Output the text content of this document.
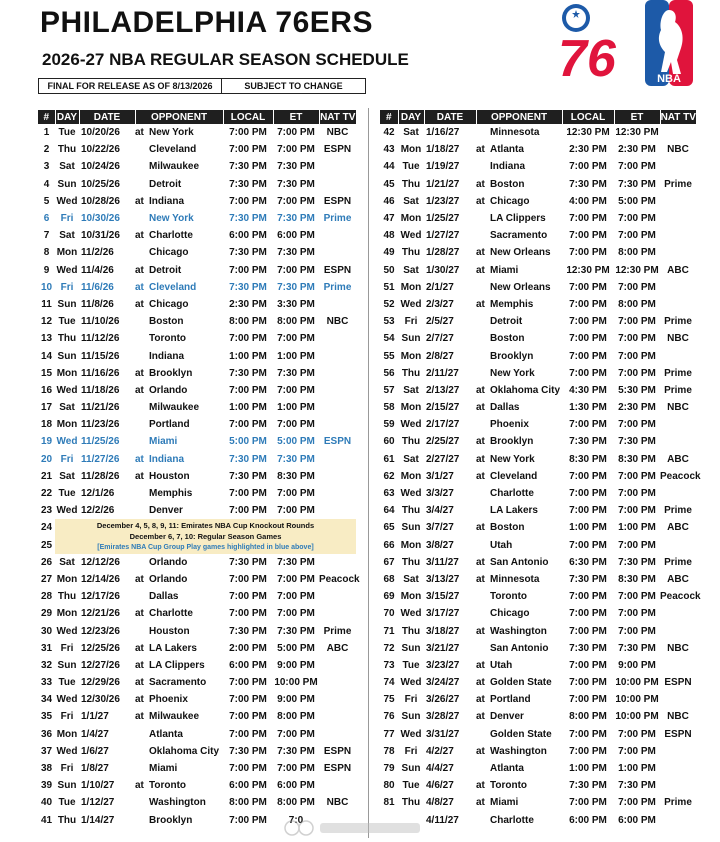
PHILADELPHIA 76ERS
2026-27 NBA REGULAR SEASON SCHEDULE
FINAL FOR RELEASE AS OF 8/13/2026	SUBJECT TO CHANGE	76	NBA
#	DAY	DATE	OPPONENT	LOCAL	ET	NAT TV
1	Tue	10/20/26	at New York	7:00 PM	7:00 PM	NBC
2	Thu	10/22/26	Cleveland	7:00 PM	7:00 PM	ESPN
3	Sat	10/24/26	Milwaukee	7:30 PM	7:30 PM	
4	Sun	10/25/26	Detroit	7:30 PM	7:30 PM	
5	Wed	10/28/26	at Indiana	7:00 PM	7:00 PM	ESPN
6	Fri	10/30/26	New York	7:30 PM	7:30 PM	Prime
7	Sat	10/31/26	at Charlotte	6:00 PM	6:00 PM	
8	Mon	11/2/26	Chicago	7:30 PM	7:30 PM	
9	Wed	11/4/26	at Detroit	7:00 PM	7:00 PM	ESPN
10	Fri	11/6/26	at Cleveland	7:30 PM	7:30 PM	Prime
11	Sun	11/8/26	at Chicago	2:30 PM	3:30 PM	
12	Tue	11/10/26	Boston	8:00 PM	8:00 PM	NBC
13	Thu	11/12/26	Toronto	7:00 PM	7:00 PM	
14	Sun	11/15/26	Indiana	1:00 PM	1:00 PM	
15	Mon	11/16/26	at Brooklyn	7:30 PM	7:30 PM	
16	Wed	11/18/26	at Orlando	7:00 PM	7:00 PM	
17	Sat	11/21/26	Milwaukee	1:00 PM	1:00 PM	
18	Mon	11/23/26	Portland	7:00 PM	7:00 PM	
19	Wed	11/25/26	Miami	5:00 PM	5:00 PM	ESPN
20	Fri	11/27/26	at Indiana	7:30 PM	7:30 PM	
21	Sat	11/28/26	at Houston	7:30 PM	8:30 PM	
22	Tue	12/1/26	Memphis	7:00 PM	7:00 PM	
23	Wed	12/2/26	Denver	7:00 PM	7:00 PM	
24	December 4, 5, 8, 9, 11: Emirates NBA Cup Knockout Rounds
December 6, 7, 10: Regular Season Games
[Emirates NBA Cup Group Play games highlighted in blue above]					

25						
26	Sat	12/12/26	Orlando	7:30 PM	7:30 PM	
27	Mon	12/14/26	at Orlando	7:00 PM	7:00 PM	Peacock
28	Thu	12/17/26	Dallas	7:00 PM	7:00 PM	
29	Mon	12/21/26	at Charlotte	7:00 PM	7:00 PM	
30	Wed	12/23/26	Houston	7:30 PM	7:30 PM	Prime
31	Fri	12/25/26	at LA Lakers	2:00 PM	5:00 PM	ABC
32	Sun	12/27/26	at LA Clippers	6:00 PM	9:00 PM	
33	Tue	12/29/26	at Sacramento	7:00 PM	10:00 PM	
34	Wed	12/30/26	at Phoenix	7:00 PM	9:00 PM	
35	Fri	1/1/27	at Milwaukee	7:00 PM	8:00 PM	
36	Mon	1/4/27	Atlanta	7:00 PM	7:00 PM	
37	Wed	1/6/27	Oklahoma City	7:30 PM	7:30 PM	ESPN
38	Fri	1/8/27	Miami	7:00 PM	7:00 PM	ESPN
39	Sun	1/10/27	at Toronto	6:00 PM	6:00 PM	
40	Tue	1/12/27	Washington	8:00 PM	8:00 PM	NBC
41	Thu	1/14/27	Brooklyn	7:00 PM	7:0	
#	DAY	DATE	OPPONENT	LOCAL	ET	NAT TV
42	Sat	1/16/27	Minnesota	12:30 PM	12:30 PM	
43	Mon	1/18/27	at Atlanta	2:30 PM	2:30 PM	NBC
44	Tue	1/19/27	Indiana	7:00 PM	7:00 PM	
45	Thu	1/21/27	at Boston	7:30 PM	7:30 PM	Prime
46	Sat	1/23/27	at Chicago	4:00 PM	5:00 PM	
47	Mon	1/25/27	LA Clippers	7:00 PM	7:00 PM	
48	Wed	1/27/27	Sacramento	7:00 PM	7:00 PM	
49	Thu	1/28/27	at New Orleans	7:00 PM	8:00 PM	
50	Sat	1/30/27	at Miami	12:30 PM	12:30 PM	ABC
51	Mon	2/1/27	New Orleans	7:00 PM	7:00 PM	
52	Wed	2/3/27	at Memphis	7:00 PM	8:00 PM	
53	Fri	2/5/27	Detroit	7:00 PM	7:00 PM	Prime
54	Sun	2/7/27	Boston	7:00 PM	7:00 PM	NBC
55	Mon	2/8/27	Brooklyn	7:00 PM	7:00 PM	
56	Thu	2/11/27	New York	7:00 PM	7:00 PM	Prime
57	Sat	2/13/27	at Oklahoma City	4:30 PM	5:30 PM	Prime
58	Mon	2/15/27	at Dallas	1:30 PM	2:30 PM	NBC
59	Wed	2/17/27	Phoenix	7:00 PM	7:00 PM	
60	Thu	2/25/27	at Brooklyn	7:30 PM	7:30 PM	
61	Sat	2/27/27	at New York	8:30 PM	8:30 PM	ABC
62	Mon	3/1/27	at Cleveland	7:00 PM	7:00 PM	Peacock
63	Wed	3/3/27	Charlotte	7:00 PM	7:00 PM	
64	Thu	3/4/27	LA Lakers	7:00 PM	7:00 PM	Prime
65	Sun	3/7/27	at Boston	1:00 PM	1:00 PM	ABC
66	Mon	3/8/27	Utah	7:00 PM	7:00 PM	
67	Thu	3/11/27	at San Antonio	6:30 PM	7:30 PM	Prime
68	Sat	3/13/27	at Minnesota	7:30 PM	8:30 PM	ABC
69	Mon	3/15/27	Toronto	7:00 PM	7:00 PM	Peacock
70	Wed	3/17/27	Chicago	7:00 PM	7:00 PM	
71	Thu	3/18/27	at Washington	7:00 PM	7:00 PM	
72	Sun	3/21/27	San Antonio	7:30 PM	7:30 PM	NBC
73	Tue	3/23/27	at Utah	7:00 PM	9:00 PM	
74	Wed	3/24/27	at Golden State	7:00 PM	10:00 PM	ESPN
75	Fri	3/26/27	at Portland	7:00 PM	10:00 PM	
76	Sun	3/28/27	at Denver	8:00 PM	10:00 PM	NBC
77	Wed	3/31/27	Golden State	7:00 PM	7:00 PM	ESPN
78	Fri	4/2/27	at Washington	7:00 PM	7:00 PM	
79	Sun	4/4/27	Atlanta	1:00 PM	1:00 PM	
80	Tue	4/6/27	at Toronto	7:30 PM	7:30 PM	
81	Thu	4/8/27	at Miami	7:00 PM	7:00 PM	Prime
		4/11/27	Charlotte	6:00 PM	6:00 PM	
